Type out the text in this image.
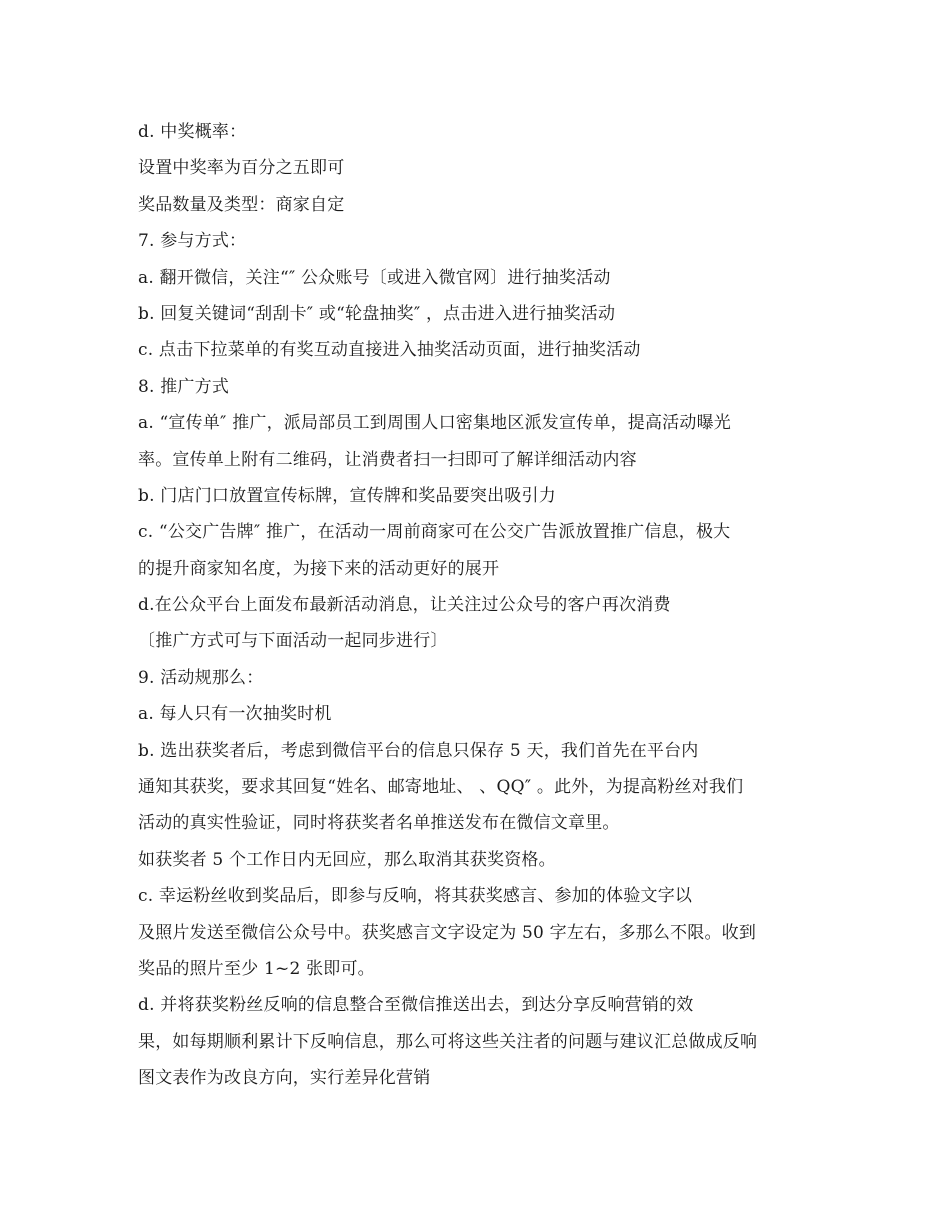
d. 中奖概率：
设置中奖率为百分之五即可
奖品数量及类型：商家自定
7. 参与方式：
a. 翻开微信，关注“″ 公众账号〔或进入微官网〕进行抽奖活动
b. 回复关键词“刮刮卡″ 或“轮盘抽奖″ ，点击进入进行抽奖活动
c. 点击下拉菜单的有奖互动直接进入抽奖活动页面，进行抽奖活动
8. 推广方式
a. “宣传单″ 推广，派局部员工到周围人口密集地区派发宣传单，提高活动曝光
率。宣传单上附有二维码，让消费者扫一扫即可了解详细活动内容
b. 门店门口放置宣传标牌，宣传牌和奖品要突出吸引力
c. “公交广告牌″ 推广，在活动一周前商家可在公交广告派放置推广信息，极大
的提升商家知名度，为接下来的活动更好的展开
d.在公众平台上面发布最新活动消息，让关注过公众号的客户再次消费
〔推广方式可与下面活动一起同步进行〕
9. 活动规那么：
a. 每人只有一次抽奖时机
b. 选出获奖者后，考虑到微信平台的信息只保存 5 天，我们首先在平台内
通知其获奖，要求其回复“姓名、邮寄地址、 、QQ″ 。此外，为提高粉丝对我们
活动的真实性验证，同时将获奖者名单推送发布在微信文章里。
如获奖者 5 个工作日内无回应，那么取消其获奖资格。
c. 幸运粉丝收到奖品后，即参与反响，将其获奖感言、参加的体验文字以
及照片发送至微信公众号中。获奖感言文字设定为 50 字左右，多那么不限。收到
奖品的照片至少 1~2 张即可。
d. 并将获奖粉丝反响的信息整合至微信推送出去，到达分享反响营销的效
果，如每期顺利累计下反响信息，那么可将这些关注者的问题与建议汇总做成反响
图文表作为改良方向，实行差异化营销
